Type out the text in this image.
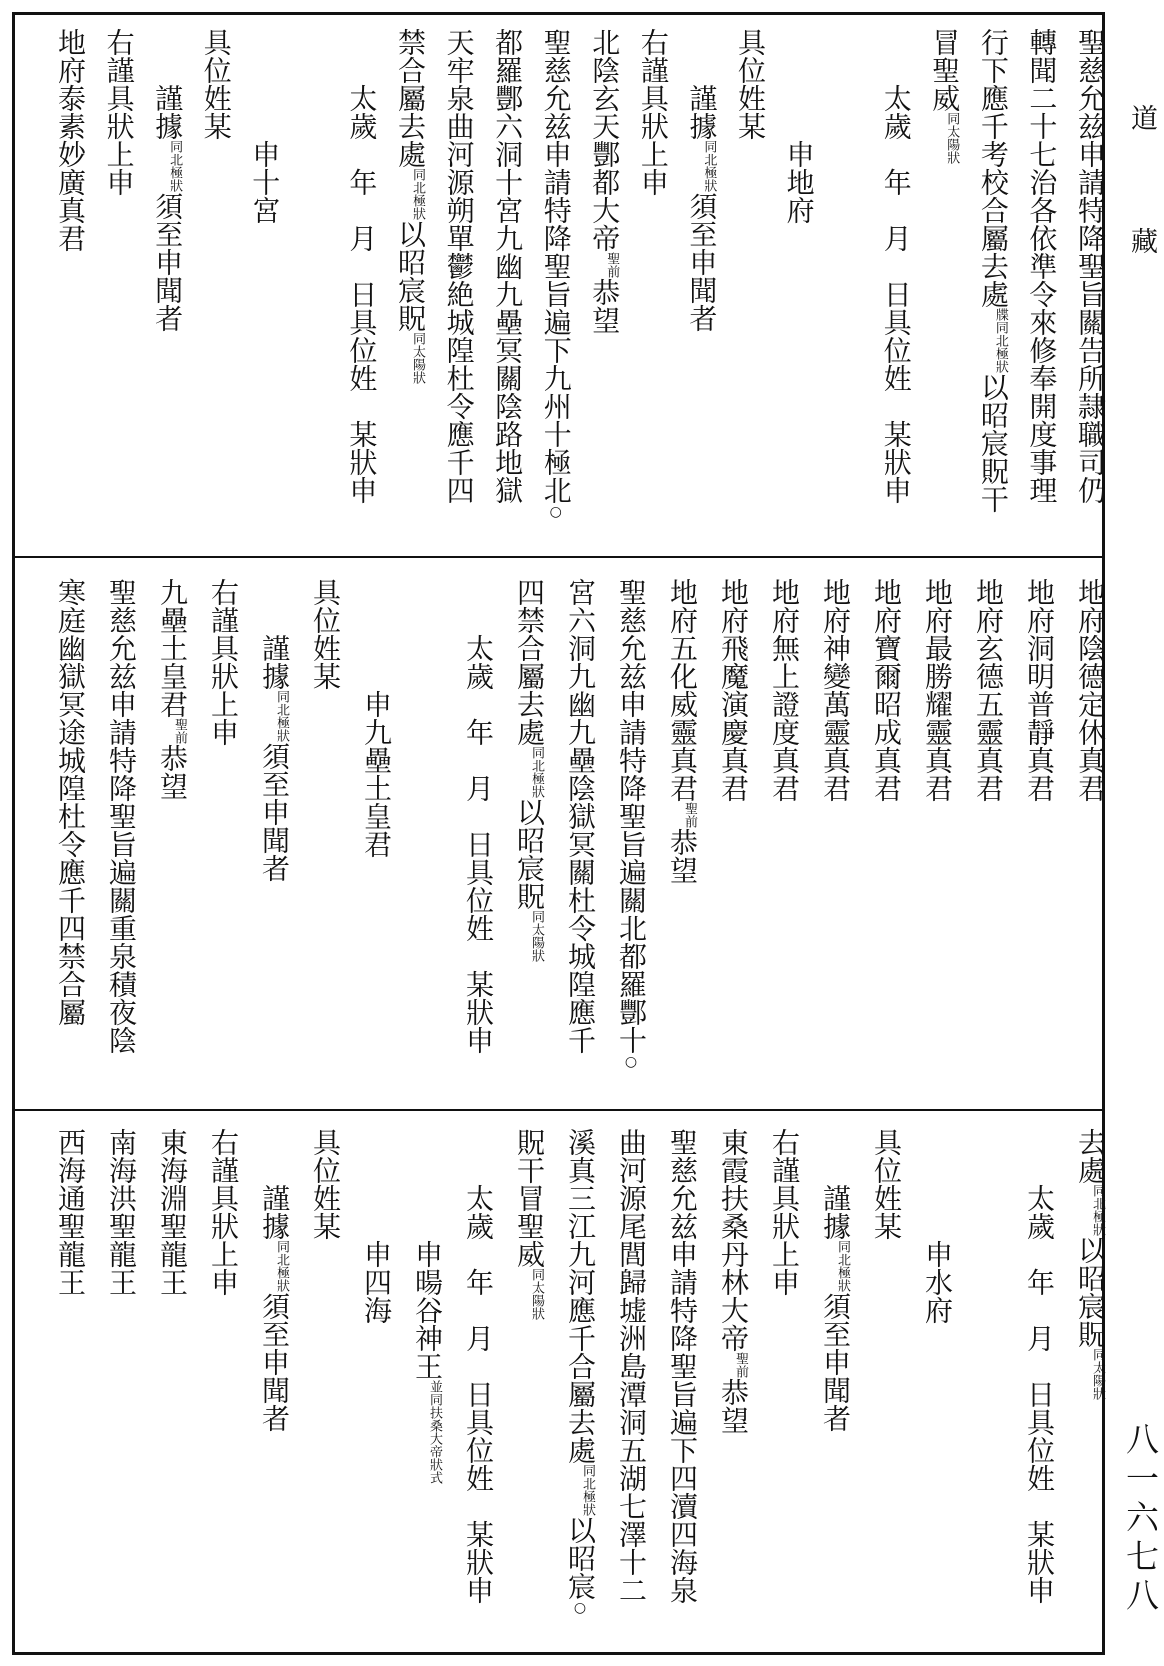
聖慈允兹申請特降聖旨關告所隷職司仍
轉聞二十七治各依準令來修奉開度事理
行下應千考校合屬去處牒同北極狀以昭宸貺干
冒聖威同太陽狀
太歲　年　月　日具位姓　某狀申
申地府
具位姓某
謹據同北極狀須至申聞者
右謹具狀上申
北陰玄天酆都大帝聖前恭望
聖慈允兹申請特降聖旨遍下九州十極北○
都羅酆六洞十宮九幽九壘冥關陰路地獄
天牢泉曲河源朔單鬱絶城隍杜令應千四
禁合屬去處同北極狀以昭宸貺同太陽狀
太歲　年　月　日具位姓　某狀申
申十宮
具位姓某
謹據同北極狀須至申聞者
右謹具狀上申
地府泰素妙廣真君
地府陰德定休真君
地府洞明普靜真君
地府玄德五靈真君
地府最勝耀靈真君
地府寶爾昭成真君
地府神變萬靈真君
地府無上證度真君
地府飛魔演慶真君
地府五化威靈真君聖前恭望
聖慈允兹申請特降聖旨遍關北都羅酆十○
宮六洞九幽九壘陰獄冥關杜令城隍應千
四禁合屬去處同北極狀以昭宸貺同太陽狀
太歲　年　月　日具位姓　某狀申
申九壘土皇君
具位姓某
謹據同北極狀須至申聞者
右謹具狀上申
九壘土皇君聖前恭望
聖慈允兹申請特降聖旨遍關重泉積夜陰
寒庭幽獄冥途城隍杜令應千四禁合屬
去處同北極狀以昭宸貺同太陽狀
太歲　年　月　日具位姓　某狀申
申水府
具位姓某
謹據同北極狀須至申聞者
右謹具狀上申
東霞扶桑丹林大帝聖前恭望
聖慈允兹申請特降聖旨遍下四瀆四海泉
曲河源尾閭歸墟洲島潭洞五湖七澤十二
溪真三江九河應千合屬去處同北極狀以昭宸○
貺干冒聖威同太陽狀
太歲　年　月　日具位姓　某狀申
申暘谷神王並同扶桑大帝狀式
申四海
具位姓某
謹據同北極狀須至申聞者
右謹具狀上申
東海淵聖龍王
南海洪聖龍王
西海通聖龍王
道藏
八一六七八
